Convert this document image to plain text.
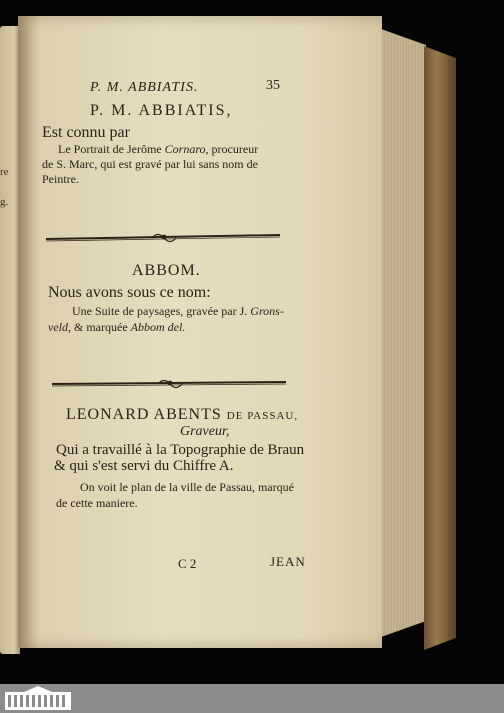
re
g.
P. M. ABBIATIS.	35
P. M. ABBIATIS,
Est connu par
Le Portrait de Jerôme Cornaro, procureur
de S. Marc, qui est gravé par lui sans nom de
Peintre.
ABBOM.
Nous avons sous ce nom:
Une Suite de paysages, gravée par J. Grons-
veld, & marquée Abbom del.
LEONARD ABENTS DE PASSAU,
Graveur,
Qui a travaillé à la Topographie de Braun
& qui s'est servi du Chiffre A.
On voit le plan de la ville de Passau, marqué
de cette maniere.
C 2	JEAN
